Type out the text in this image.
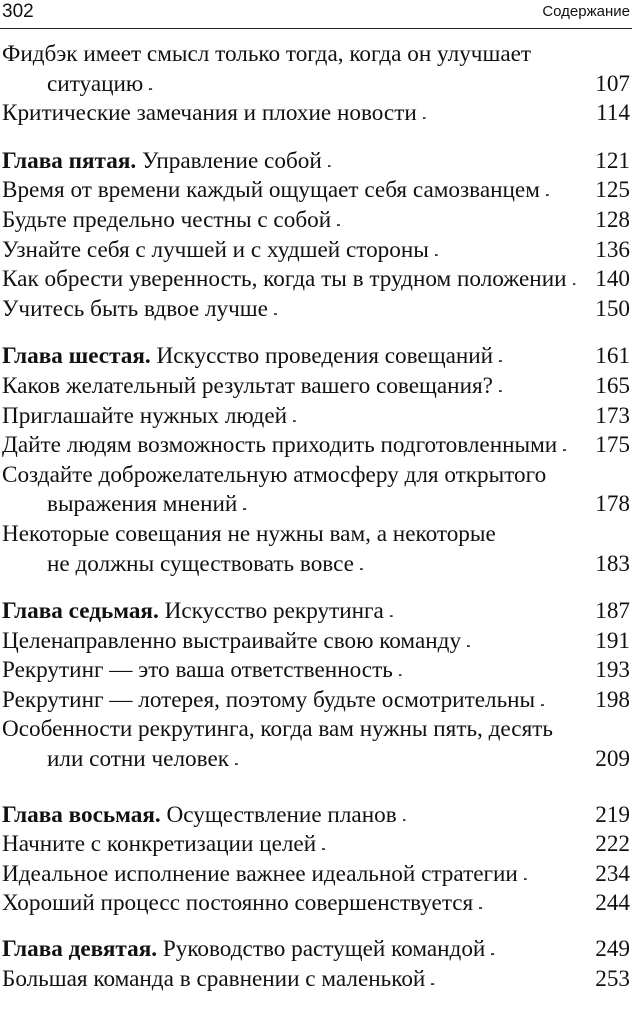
302	Содержание
Фидбэк имеет смысл только тогда, когда он улучшает
ситуацию . . .	107
Критические замечания и плохие новости . . .	114
Глава пятая. Управление собой . . .	121
Время от времени каждый ощущает себя самозванцем . . . 125
Будьте предельно честны с собой . . .	128
Узнайте себя с лучшей и с худшей стороны . . .	136
Как обрести уверенность, когда ты в трудном положении . . . 140
Учитесь быть вдвое лучше . . .	150
Глава шестая. Искусство проведения совещаний . . .	161
Каков желательный результат вашего совещания? . . .	165
Приглашайте нужных людей . . .	173
Дайте людям возможность приходить подготовленными . . . 175
Создайте доброжелательную атмосферу для открытого
выражения мнений . . .	178
Некоторые совещания не нужны вам, а некоторые
не должны существовать вовсе . . .	183
Глава седьмая. Искусство рекрутинга . . .	187
Целенаправленно выстраивайте свою команду . . .	191
Рекрутинг — это ваша ответственность . . .	193
Рекрутинг — лотерея, поэтому будьте осмотрительны . . .	198
Особенности рекрутинга, когда вам нужны пять, десять
или сотни человек . . .	209
Глава восьмая. Осуществление планов . . .	219
Начните с конкретизации целей . . .	222
Идеальное исполнение важнее идеальной стратегии . . .	234
Хороший процесс постоянно совершенствуется . . .	244
Глава девятая. Руководство растущей командой . . .	249
Большая команда в сравнении с маленькой . . .	253
